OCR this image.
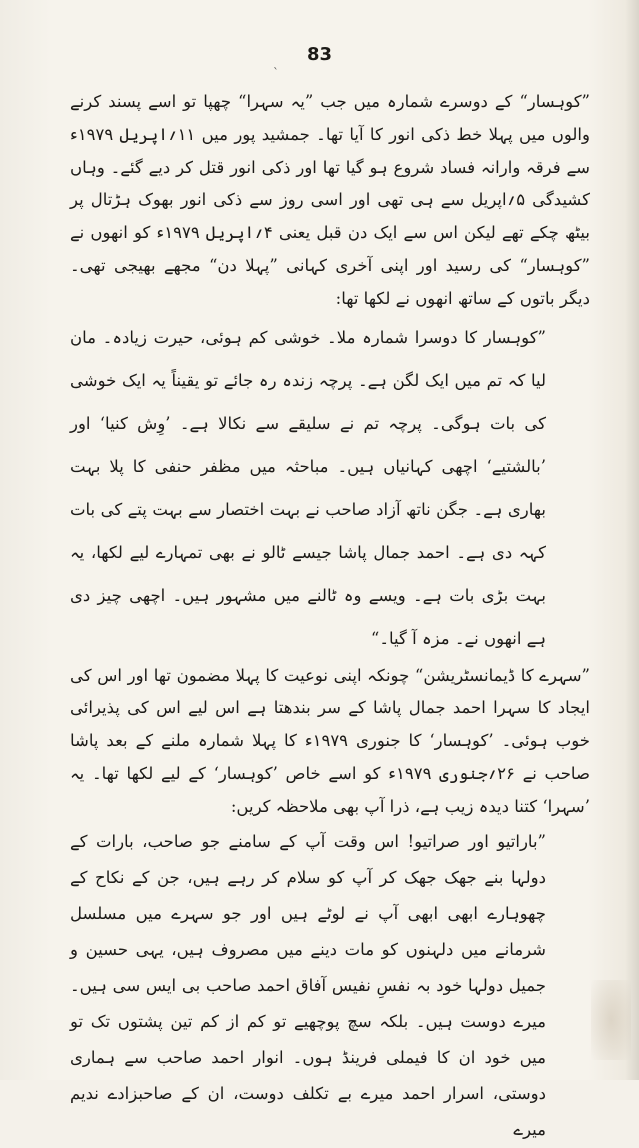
83
ˋ

”کوہسار“ کے دوسرے شمارہ میں جب ”یہ سہرا“ چھپا تو اسے پسند کرنے والوں میں پہلا خط ذکی انور کا آیا تھا۔ جمشید پور میں ۱۱؍اپریل ۱۹۷۹ء سے فرقہ وارانہ فساد شروع ہو گیا تھا اور ذکی انور قتل کر دیے گئے۔ وہاں کشیدگی ۵؍اپریل سے ہی تھی اور اسی روز سے ذکی انور بھوک ہڑتال پر بیٹھ چکے تھے لیکن اس سے ایک دن قبل یعنی ۴؍اپریل ۱۹۷۹ء کو انھوں نے ”کوہسار“ کی رسید اور اپنی آخری کہانی ”پہلا دن“ مجھے بھیجی تھی۔ دیگر باتوں کے ساتھ انھوں نے لکھا تھا:

”کوہسار کا دوسرا شمارہ ملا۔ خوشی کم ہوئی، حیرت زیادہ۔ مان لیا کہ تم میں ایک لگن ہے۔ پرچہ زندہ رہ جائے تو یقیناً یہ ایک خوشی کی بات ہوگی۔ پرچہ تم نے سلیقے سے نکالا ہے۔ ’وِش کنیا‘ اور ’بالشتیے‘ اچھی کہانیاں ہیں۔ مباحثہ میں مظفر حنفی کا پلا بہت بھاری ہے۔ جگن ناتھ آزاد صاحب نے بہت اختصار سے بہت پتے کی بات کہہ دی ہے۔ احمد جمال پاشا جیسے ٹالو نے بھی تمہارے لیے لکھا، یہ بہت بڑی بات ہے۔ ویسے وہ ٹالنے میں مشہور ہیں۔ اچھی چیز دی ہے انھوں نے۔ مزہ آ گیا۔“

”سہرے کا ڈیمانسٹریشن“ چونکہ اپنی نوعیت کا پہلا مضمون تھا اور اس کی ایجاد کا سہرا احمد جمال پاشا کے سر بندھتا ہے اس لیے اس کی پذیرائی خوب ہوئی۔ ’کوہسار‘ کا جنوری ۱۹۷۹ء کا پہلا شمارہ ملنے کے بعد پاشا صاحب نے ۲۶؍جنوری ۱۹۷۹ء کو اسے خاص ’کوہسار‘ کے لیے لکھا تھا۔ یہ ’سہرا‘ کتنا دیدہ زیب ہے، ذرا آپ بھی ملاحظہ کریں:

”باراتیو اور صراتیو! اس وقت آپ کے سامنے جو صاحب، بارات کے دولہا بنے جھک جھک کر آپ کو سلام کر رہے ہیں، جن کے نکاح کے چھوہارے ابھی ابھی آپ نے لوٹے ہیں اور جو سہرے میں مسلسل شرمانے میں دلہنوں کو مات دینے میں مصروف ہیں، یہی حسین و جمیل دولہا خود بہ نفسِ نفیس آفاق احمد صاحب بی ایس سی ہیں۔ میرے دوست ہیں۔ بلکہ سچ پوچھیے تو کم از کم تین پشتوں تک تو میں خود ان کا فیملی فرینڈ ہوں۔ انوار احمد صاحب سے ہماری دوستی، اسرار احمد میرے بے تکلف دوست، ان کے صاحبزادے ندیم میرے
